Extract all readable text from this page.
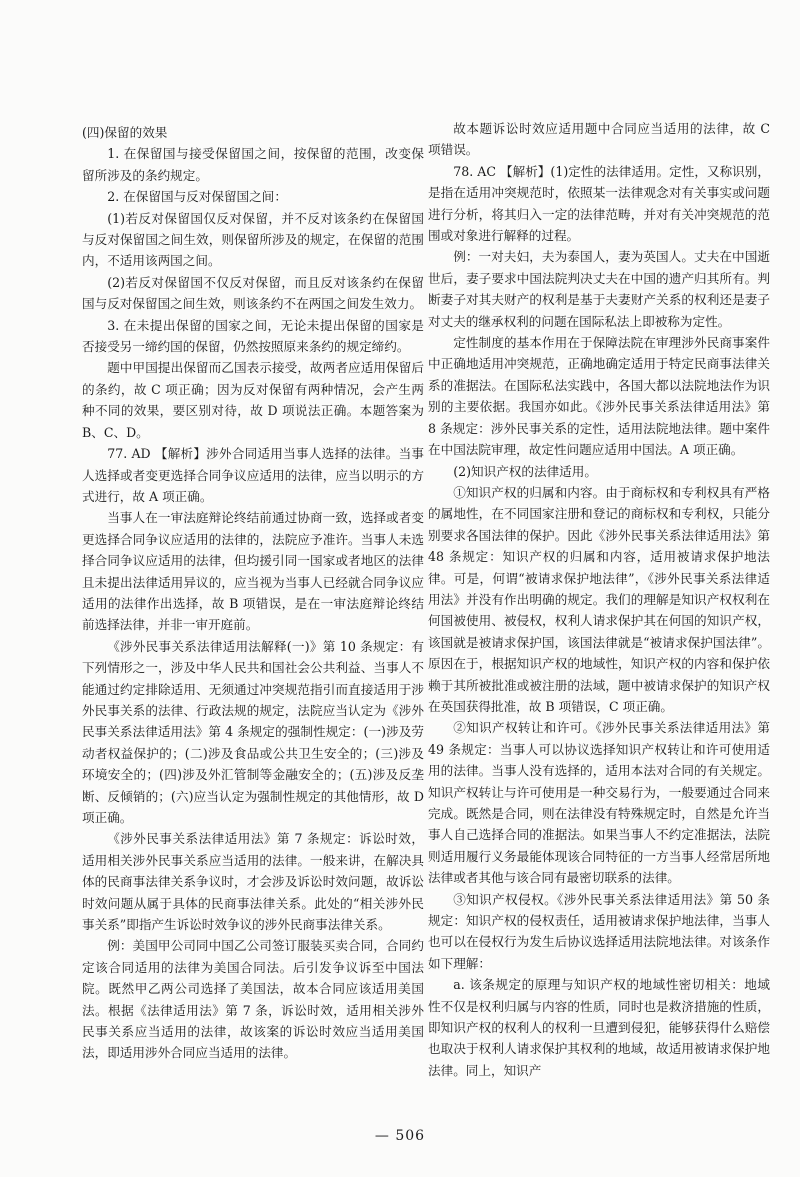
(四)保留的效果

1. 在保留国与接受保留国之间，按保留的范围，改变保留所涉及的条约规定。

2. 在保留国与反对保留国之间：

(1)若反对保留国仅反对保留，并不反对该条约在保留国与反对保留国之间生效，则保留所涉及的规定，在保留的范围内，不适用该两国之间。

(2)若反对保留国不仅反对保留，而且反对该条约在保留国与反对保留国之间生效，则该条约不在两国之间发生效力。

3. 在未提出保留的国家之间，无论未提出保留的国家是否接受另一缔约国的保留，仍然按照原来条约的规定缔约。

题中甲国提出保留而乙国表示接受，故两者应适用保留后的条约，故 C 项正确；因为反对保留有两种情况，会产生两种不同的效果，要区别对待，故 D 项说法正确。本题答案为 B、C、D。

77. AD 【解析】涉外合同适用当事人选择的法律。当事人选择或者变更选择合同争议应适用的法律，应当以明示的方式进行，故 A 项正确。

当事人在一审法庭辩论终结前通过协商一致，选择或者变更选择合同争议应适用的法律的，法院应予准许。当事人未选择合同争议应适用的法律，但均援引同一国家或者地区的法律且未提出法律适用异议的，应当视为当事人已经就合同争议应适用的法律作出选择，故 B 项错误，是在一审法庭辩论终结前选择法律，并非一审开庭前。

《涉外民事关系法律适用法解释(一)》第 10 条规定：有下列情形之一，涉及中华人民共和国社会公共利益、当事人不能通过约定排除适用、无须通过冲突规范指引而直接适用于涉外民事关系的法律、行政法规的规定，法院应当认定为《涉外民事关系法律适用法》第 4 条规定的强制性规定：(一)涉及劳动者权益保护的；(二)涉及食品或公共卫生安全的；(三)涉及环境安全的；(四)涉及外汇管制等金融安全的；(五)涉及反垄断、反倾销的；(六)应当认定为强制性规定的其他情形，故 D 项正确。

《涉外民事关系法律适用法》第 7 条规定：诉讼时效，适用相关涉外民事关系应当适用的法律。一般来讲，在解决具体的民商事法律关系争议时，才会涉及诉讼时效问题，故诉讼时效问题从属于具体的民商事法律关系。此处的“相关涉外民事关系”即指产生诉讼时效争议的涉外民商事法律关系。

例：美国甲公司同中国乙公司签订服装买卖合同，合同约定该合同适用的法律为美国合同法。后引发争议诉至中国法院。既然甲乙两公司选择了美国法，故本合同应该适用美国法。根据《法律适用法》第 7 条，诉讼时效，适用相关涉外民事关系应当适用的法律，故该案的诉讼时效应当适用美国法，即适用涉外合同应当适用的法律。

故本题诉讼时效应适用题中合同应当适用的法律，故 C 项错误。

78. AC 【解析】(1)定性的法律适用。定性，又称识别，是指在适用冲突规范时，依照某一法律观念对有关事实或问题进行分析，将其归入一定的法律范畴，并对有关冲突规范的范围或对象进行解释的过程。

例：一对夫妇，夫为泰国人，妻为英国人。丈夫在中国逝世后，妻子要求中国法院判决丈夫在中国的遗产归其所有。判断妻子对其夫财产的权利是基于夫妻财产关系的权利还是妻子对丈夫的继承权利的问题在国际私法上即被称为定性。

定性制度的基本作用在于保障法院在审理涉外民商事案件中正确地适用冲突规范，正确地确定适用于特定民商事法律关系的准据法。在国际私法实践中，各国大都以法院地法作为识别的主要依据。我国亦如此。《涉外民事关系法律适用法》第 8 条规定：涉外民事关系的定性，适用法院地法律。题中案件在中国法院审理，故定性问题应适用中国法。A 项正确。

(2)知识产权的法律适用。

①知识产权的归属和内容。由于商标权和专利权具有严格的属地性，在不同国家注册和登记的商标权和专利权，只能分别要求各国法律的保护。因此《涉外民事关系法律适用法》第 48 条规定：知识产权的归属和内容，适用被请求保护地法律。可是，何谓“被请求保护地法律”，《涉外民事关系法律适用法》并没有作出明确的规定。我们的理解是知识产权权利在何国被使用、被侵权，权利人请求保护其在何国的知识产权，该国就是被请求保护国，该国法律就是“被请求保护国法律”。原因在于，根据知识产权的地域性，知识产权的内容和保护依赖于其所被批准或被注册的法域，题中被请求保护的知识产权在英国获得批准，故 B 项错误，C 项正确。

②知识产权转让和许可。《涉外民事关系法律适用法》第 49 条规定：当事人可以协议选择知识产权转让和许可使用适用的法律。当事人没有选择的，适用本法对合同的有关规定。知识产权转让与许可使用是一种交易行为，一般要通过合同来完成。既然是合同，则在法律没有特殊规定时，自然是允许当事人自己选择合同的准据法。如果当事人不约定准据法，法院则适用履行义务最能体现该合同特征的一方当事人经常居所地法律或者其他与该合同有最密切联系的法律。

③知识产权侵权。《涉外民事关系法律适用法》第 50 条规定：知识产权的侵权责任，适用被请求保护地法律，当事人也可以在侵权行为发生后协议选择适用法院地法律。对该条作如下理解：

a. 该条规定的原理与知识产权的地域性密切相关：地域性不仅是权利归属与内容的性质，同时也是救济措施的性质，即知识产权的权利人的权利一旦遭到侵犯，能够获得什么赔偿也取决于权利人请求保护其权利的地域，故适用被请求保护地法律。同上，知识产

— 506
